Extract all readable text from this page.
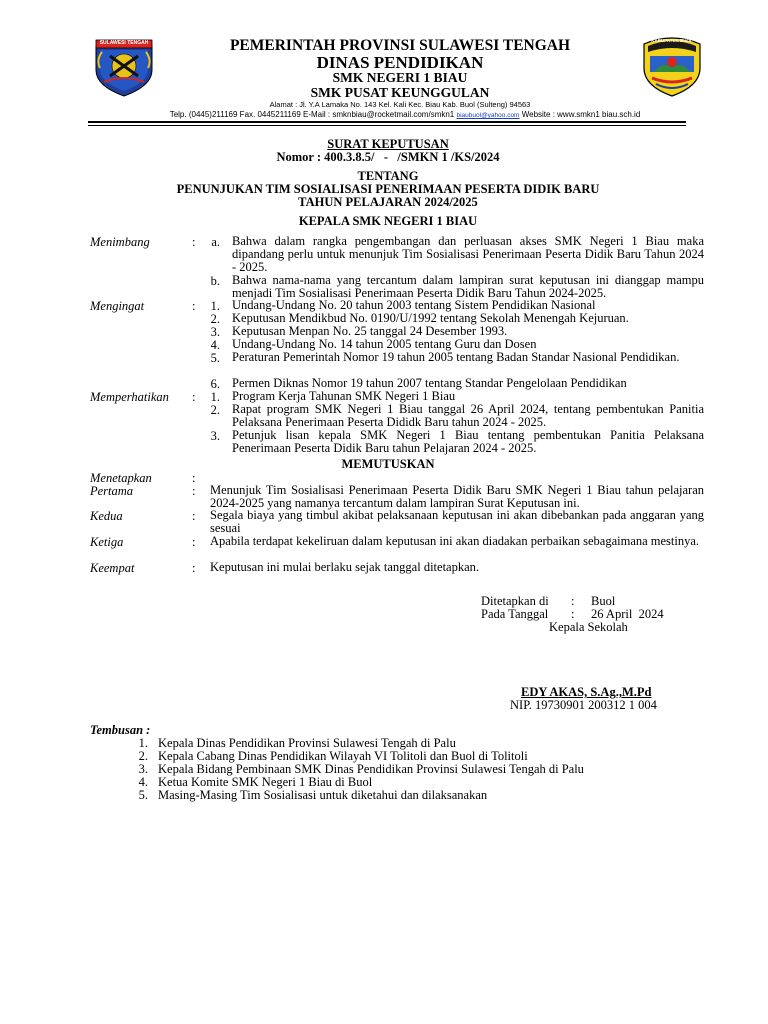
SULAWESI TENGAH	KABUPATEN BUOL
PEMERINTAH PROVINSI SULAWESI TENGAH
DINAS PENDIDIKAN
SMK NEGERI 1 BIAU
SMK PUSAT KEUNGGULAN
Alamat : Jl. Y.A Lamaka No. 143 Kel. Kali Kec. Biau Kab. Buol (Sulteng) 94563
Telp. (0445)211169 Fax. 0445211169 E-Mail : smknbiau@rocketmail.com/smkn1 biaubuol@yahoo.com Website : www.smkn1 biau.sch.id
SURAT KEPUTUSAN
Nomor : 400.3.8.5/   -   /SMKN 1 /KS/2024
TENTANG
PENUNJUKAN TIM SOSIALISASI PENERIMAAN PESERTA DIDIK BARU
TAHUN PELAJARAN 2024/2025
KEPALA SMK NEGERI 1 BIAU
Menimbang	:	a. Bahwa dalam rangka pengembangan dan perluasan akses SMK Negeri 1 Biau maka dipandang perlu untuk menunjuk Tim Sosialisasi Penerimaan Peserta Didik Baru Tahun 2024 - 2025.
b. Bahwa nama-nama yang tercantum dalam lampiran surat keputusan ini dianggap mampu menjadi Tim Sosialisasi Penerimaan Peserta Didik Baru Tahun 2024-2025.
Mengingat	:	1. Undang-Undang No. 20 tahun 2003 tentang Sistem Pendidikan Nasional
2. Keputusan Mendikbud No. 0190/U/1992 tentang Sekolah Menengah Kejuruan.
3. Keputusan Menpan No. 25 tanggal 24 Desember 1993.
4. Undang-Undang No. 14 tahun 2005 tentang Guru dan Dosen
5. Peraturan Pemerintah Nomor 19 tahun 2005 tentang Badan Standar Nasional Pendidikan.
6. Permen Diknas Nomor 19 tahun 2007 tentang Standar Pengelolaan Pendidikan
Memperhatikan :	1. Program Kerja Tahunan SMK Negeri 1 Biau
2. Rapat program SMK Negeri 1 Biau tanggal 26 April 2024, tentang pembentukan Panitia Pelaksana Penerimaan Peserta Dididk Baru tahun 2024 - 2025.
3. Petunjuk lisan kepala SMK Negeri 1 Biau tentang pembentukan Panitia Pelaksana Penerimaan Peserta Didik Baru tahun Pelajaran 2024 - 2025.
MEMUTUSKAN
Menetapkan	:
Pertama	: Menunjuk Tim Sosialisasi Penerimaan Peserta Didik Baru SMK Negeri 1 Biau tahun pelajaran 2024-2025 yang namanya tercantum dalam lampiran Surat Keputusan ini.
Kedua	: Segala biaya yang timbul akibat pelaksanaan keputusan ini akan dibebankan pada anggaran yang sesuai
Ketiga	: Apabila terdapat kekeliruan dalam keputusan ini akan diadakan perbaikan sebagaimana mestinya.
Keempat	: Keputusan ini mulai berlaku sejak tanggal ditetapkan.
Ditetapkan di : Buol
Pada Tanggal : 26 April  2024
Kepala Sekolah
EDY AKAS, S.Ag.,M.Pd
NIP. 19730901 200312 1 004
Tembusan :
1. Kepala Dinas Pendidikan Provinsi Sulawesi Tengah di Palu
2. Kepala Cabang Dinas Pendidikan Wilayah VI Tolitoli dan Buol di Tolitoli
3. Kepala Bidang Pembinaan SMK Dinas Pendidikan Provinsi Sulawesi Tengah di Palu
4. Ketua Komite SMK Negeri 1 Biau di Buol
5. Masing-Masing Tim Sosialisasi untuk diketahui dan dilaksanakan
